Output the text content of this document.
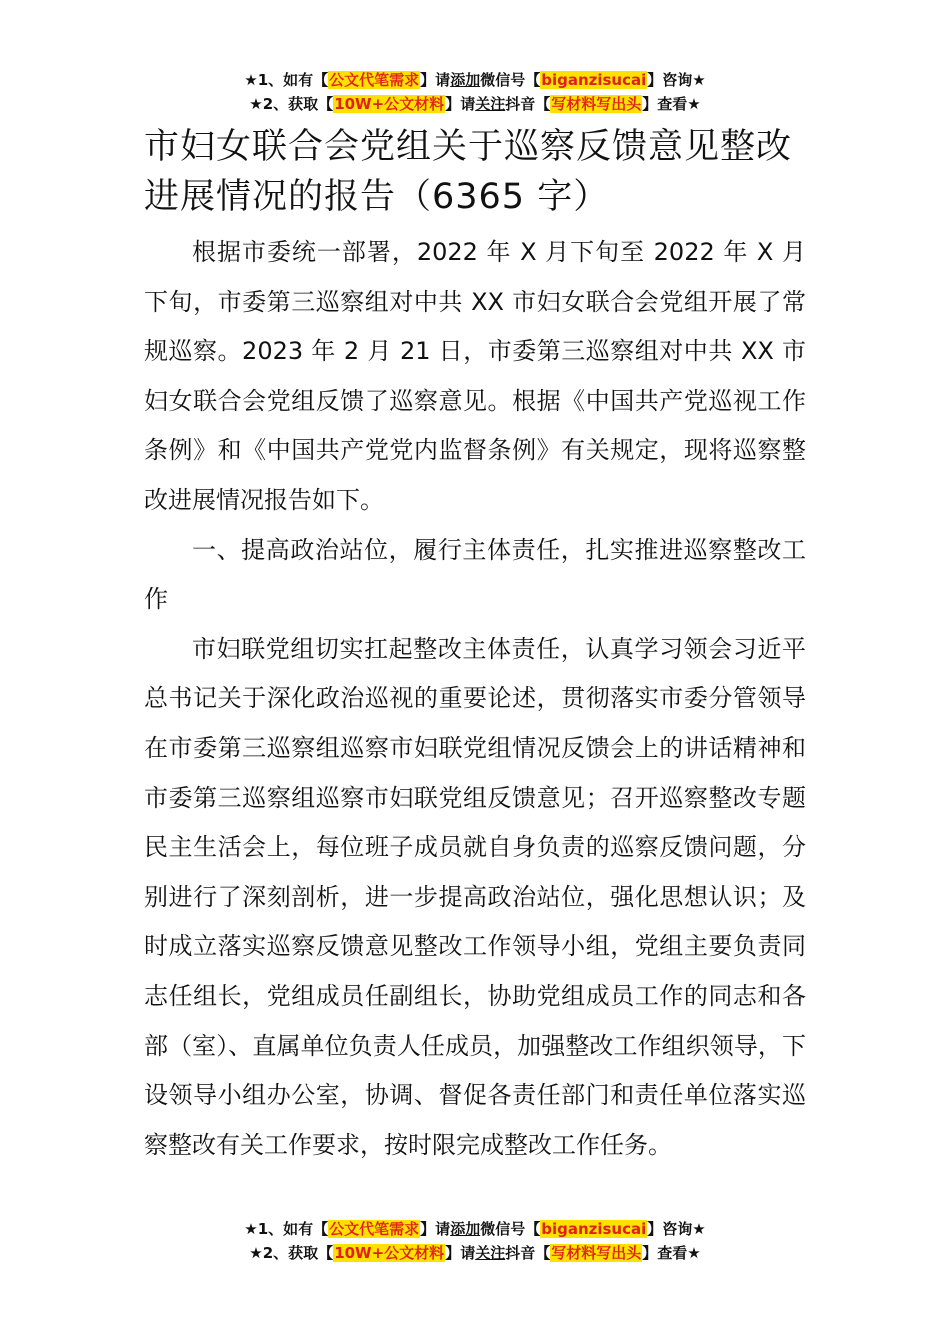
★1、如有【公文代笔需求】请添加微信号【biganzisucai】咨询★
★2、获取【10W+公文材料】请关注抖音【写材料写出头】查看★
市妇女联合会党组关于巡察反馈意见整改进展情况的报告（6365 字）

根据市委统一部署，2022 年 X 月下旬至 2022 年 X 月下旬，市委第三巡察组对中共 XX 市妇女联合会党组开展了常规巡察。2023 年 2 月 21 日，市委第三巡察组对中共 XX 市妇女联合会党组反馈了巡察意见。根据《中国共产党巡视工作条例》和《中国共产党党内监督条例》有关规定，现将巡察整改进展情况报告如下。

一、提高政治站位，履行主体责任，扎实推进巡察整改工作

市妇联党组切实扛起整改主体责任，认真学习领会习近平总书记关于深化政治巡视的重要论述，贯彻落实市委分管领导在市委第三巡察组巡察市妇联党组情况反馈会上的讲话精神和市委第三巡察组巡察市妇联党组反馈意见；召开巡察整改专题民主生活会上，每位班子成员就自身负责的巡察反馈问题，分别进行了深刻剖析，进一步提高政治站位，强化思想认识；及时成立落实巡察反馈意见整改工作领导小组，党组主要负责同志任组长，党组成员任副组长，协助党组成员工作的同志和各部（室）、直属单位负责人任成员，加强整改工作组织领导，下设领导小组办公室，协调、督促各责任部门和责任单位落实巡察整改有关工作要求，按时限完成整改工作任务。

★1、如有【公文代笔需求】请添加微信号【biganzisucai】咨询★
★2、获取【10W+公文材料】请关注抖音【写材料写出头】查看★
